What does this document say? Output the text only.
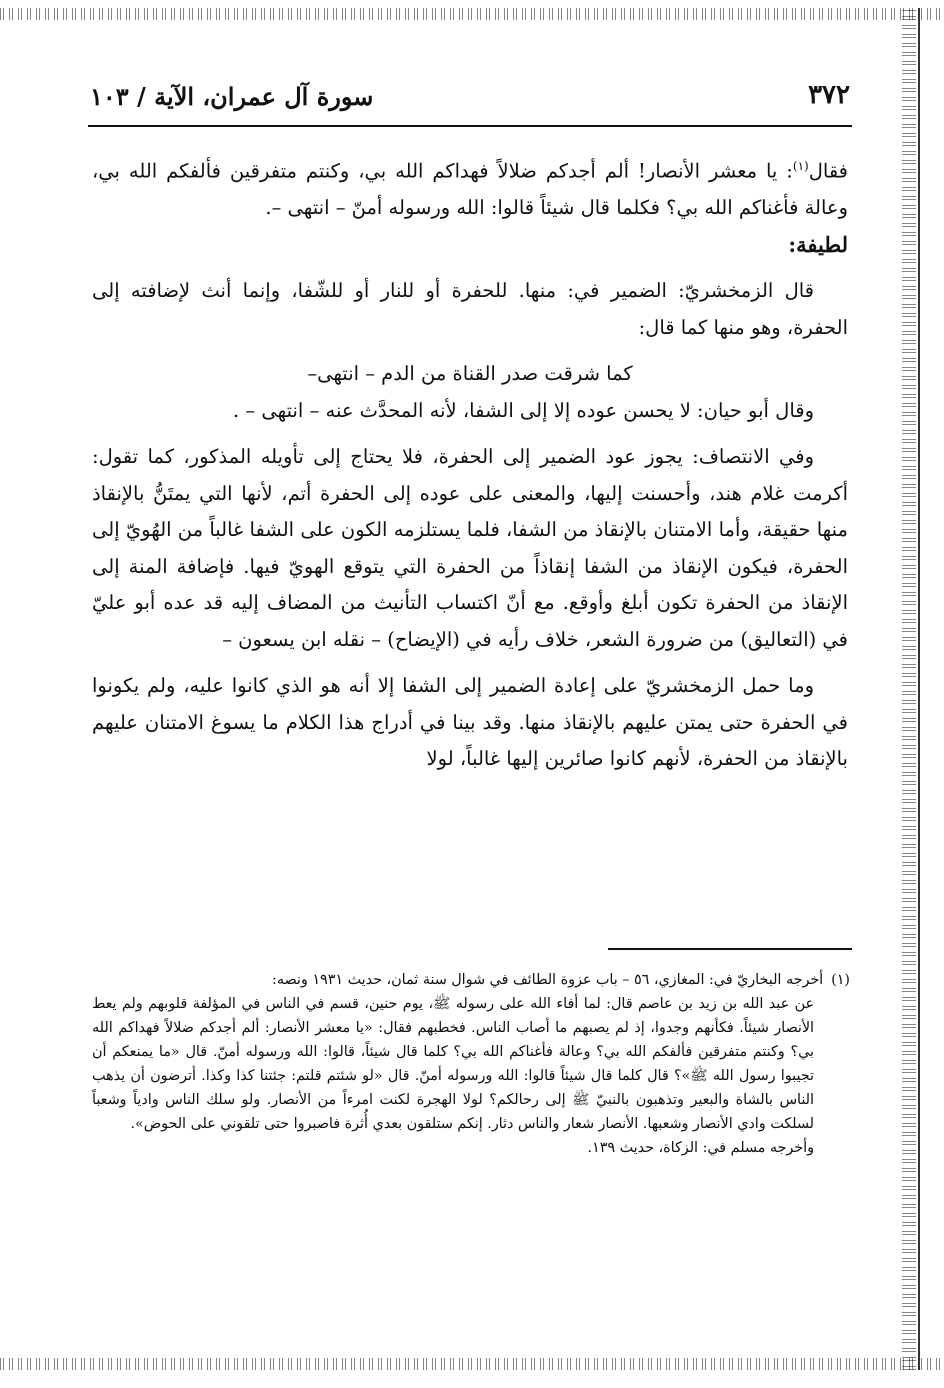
٣٧٢
سورة آل عمران، الآية / ١٠٣

فقال$^{(١)}$: يا معشر الأنصار! ألم أجدكم ضلالاً فهداكم الله بي، وكنتم متفرقين فألفكم الله بي، وعالة فأغناكم الله بي؟ فكلما قال شيئاً قالوا: الله ورسوله أمنّ – انتهى –.

لطيفة:

قال الزمخشريّ: الضمير في: منها. للحفرة أو للنار أو للشّفا، وإنما أنث لإضافته إلى الحفرة، وهو منها كما قال:

كما شرقت صدر القناة من الدم – انتهى–

وقال أبو حيان: لا يحسن عوده إلا إلى الشفا، لأنه المحدَّث عنه – انتهى – .

وفي الانتصاف: يجوز عود الضمير إلى الحفرة، فلا يحتاج إلى تأويله المذكور، كما تقول: أكرمت غلام هند، وأحسنت إليها، والمعنى على عوده إلى الحفرة أتم، لأنها التي يمتَنُّ بالإنقاذ منها حقيقة، وأما الامتنان بالإنقاذ من الشفا، فلما يستلزمه الكون على الشفا غالباً من الهُويّ إلى الحفرة، فيكون الإنقاذ من الشفا إنقاذاً من الحفرة التي يتوقع الهويّ فيها. فإضافة المنة إلى الإنقاذ من الحفرة تكون أبلغ وأوقع. مع أنّ اكتساب التأنيث من المضاف إليه قد عده أبو عليّ في (التعاليق) من ضرورة الشعر، خلاف رأيه في (الإيضاح) – نقله ابن يسعون –

وما حمل الزمخشريّ على إعادة الضمير إلى الشفا إلا أنه هو الذي كانوا عليه، ولم يكونوا في الحفرة حتى يمتن عليهم بالإنقاذ منها. وقد بينا في أدراج هذا الكلام ما يسوغ الامتنان عليهم بالإنقاذ من الحفرة، لأنهم كانوا صائرين إليها غالباً، لولا

(١)أخرجه البخاريّ في: المغازي، ٥٦ – باب عزوة الطائف في شوال سنة ثمان، حديث ١٩٣١ ونصه:

عن عبد الله بن زيد بن عاصم قال: لما أفاء الله على رسوله ﷺ، يوم حنين، قسم في الناس في المؤلفة قلوبهم ولم يعط الأنصار شيئاً. فكأنهم وجدوا، إذ لم يصبهم ما أصاب الناس. فخطبهم فقال: «يا معشر الأنصار: ألم أجدكم ضلالاً فهداكم الله بي؟ وكنتم متفرقين فألفكم الله بي؟ وعالة فأغناكم الله بي؟ كلما قال شيئاً، قالوا: الله ورسوله أمنّ. قال «ما يمنعكم أن تجيبوا رسول الله ﷺ»؟ قال كلما قال شيئاً قالوا: الله ورسوله أمنّ. قال «لو شئتم قلتم: جئتنا كذا وكذا. أترضون أن يذهب الناس بالشاة والبعير وتذهبون بالنبيّ ﷺ إلى رحالكم؟ لولا الهجرة لكنت امرءاً من الأنصار. ولو سلك الناس وادياً وشعباً لسلكت وادي الأنصار وشعبها. الأنصار شعار والناس دثار. إنكم ستلقون بعدي أُثرة فاصبروا حتى تلقوني على الحوض».

وأخرجه مسلم في: الزكاة، حديث ١٣٩.
